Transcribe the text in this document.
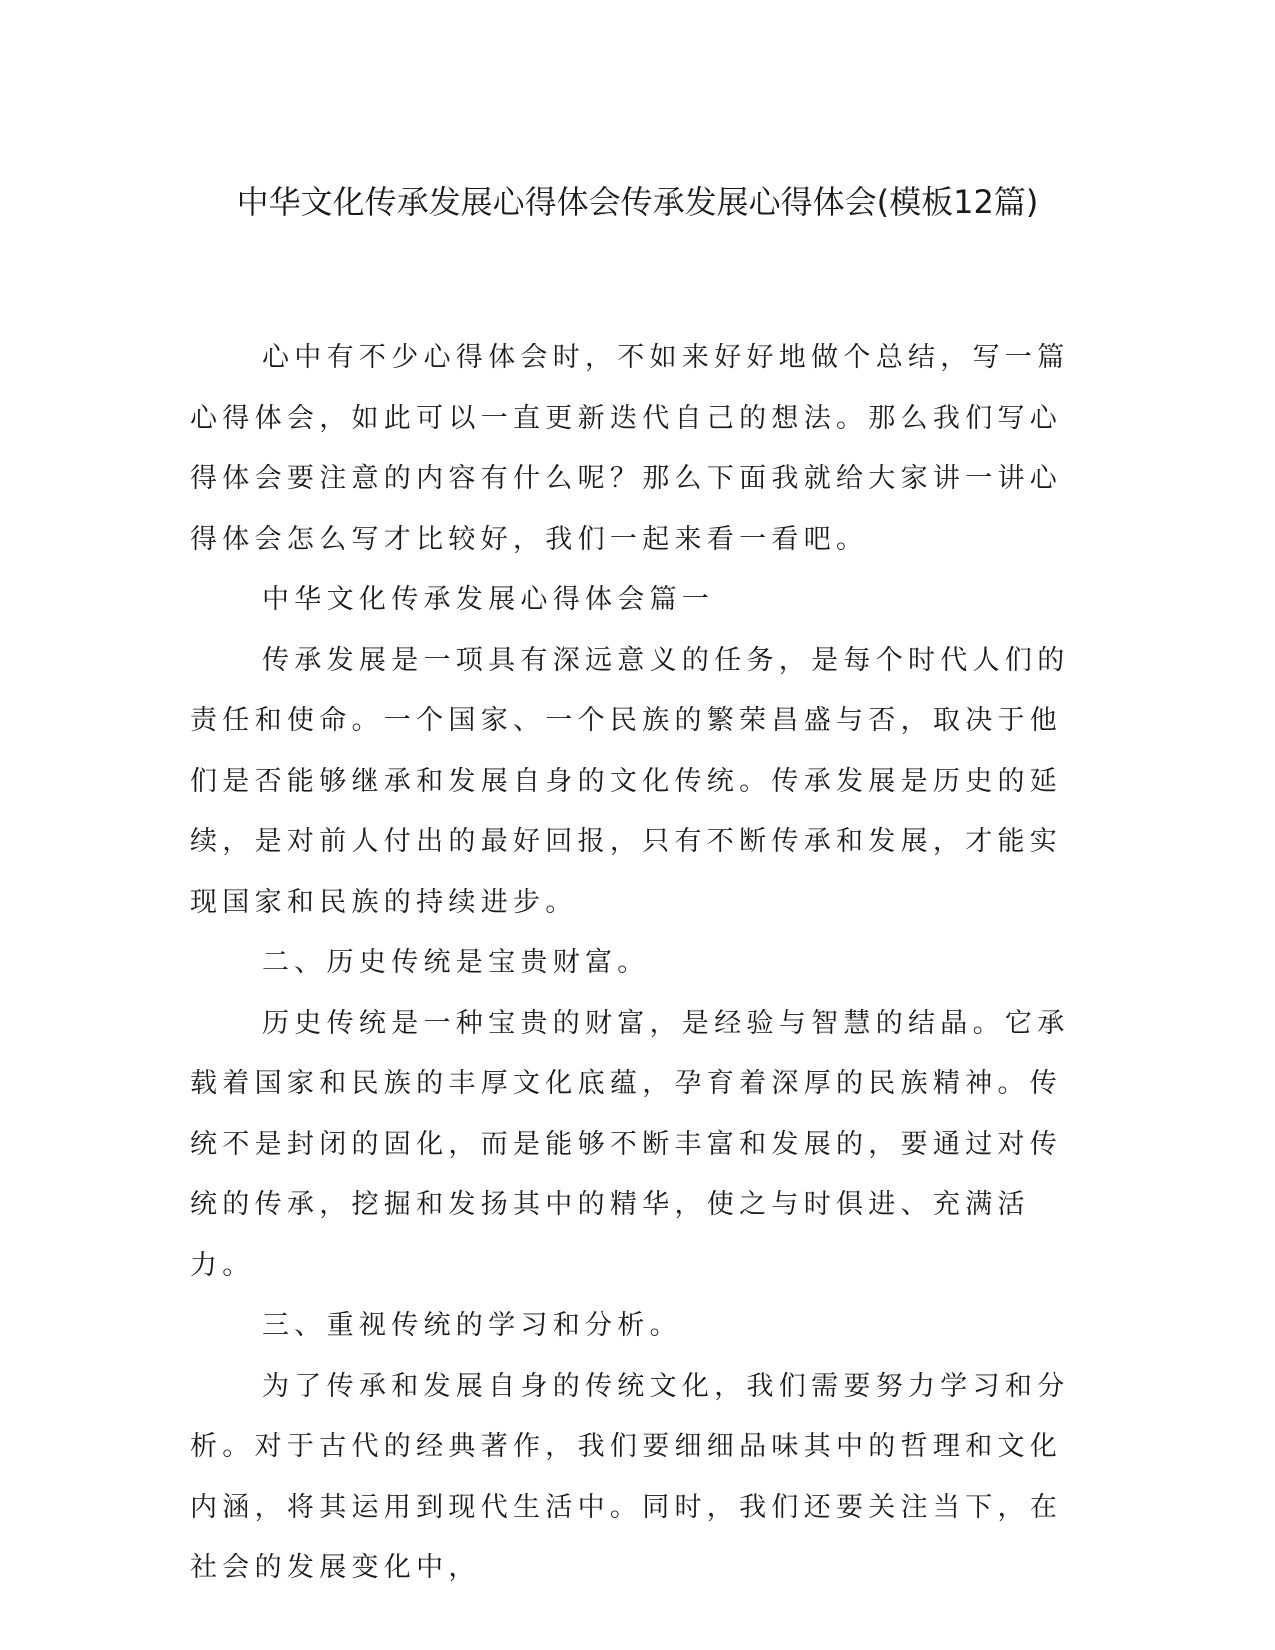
中华文化传承发展心得体会传承发展心得体会(模板12篇)

心中有不少心得体会时，不如来好好地做个总结，写一篇心得体会，如此可以一直更新迭代自己的想法。那么我们写心得体会要注意的内容有什么呢？那么下面我就给大家讲一讲心得体会怎么写才比较好，我们一起来看一看吧。

中华文化传承发展心得体会篇一

传承发展是一项具有深远意义的任务，是每个时代人们的责任和使命。一个国家、一个民族的繁荣昌盛与否，取决于他们是否能够继承和发展自身的文化传统。传承发展是历史的延续，是对前人付出的最好回报，只有不断传承和发展，才能实现国家和民族的持续进步。

二、历史传统是宝贵财富。

历史传统是一种宝贵的财富，是经验与智慧的结晶。它承载着国家和民族的丰厚文化底蕴，孕育着深厚的民族精神。传统不是封闭的固化，而是能够不断丰富和发展的，要通过对传统的传承，挖掘和发扬其中的精华，使之与时俱进、充满活力。

三、重视传统的学习和分析。

为了传承和发展自身的传统文化，我们需要努力学习和分析。对于古代的经典著作，我们要细细品味其中的哲理和文化内涵，将其运用到现代生活中。同时，我们还要关注当下，在社会的发展变化中，
